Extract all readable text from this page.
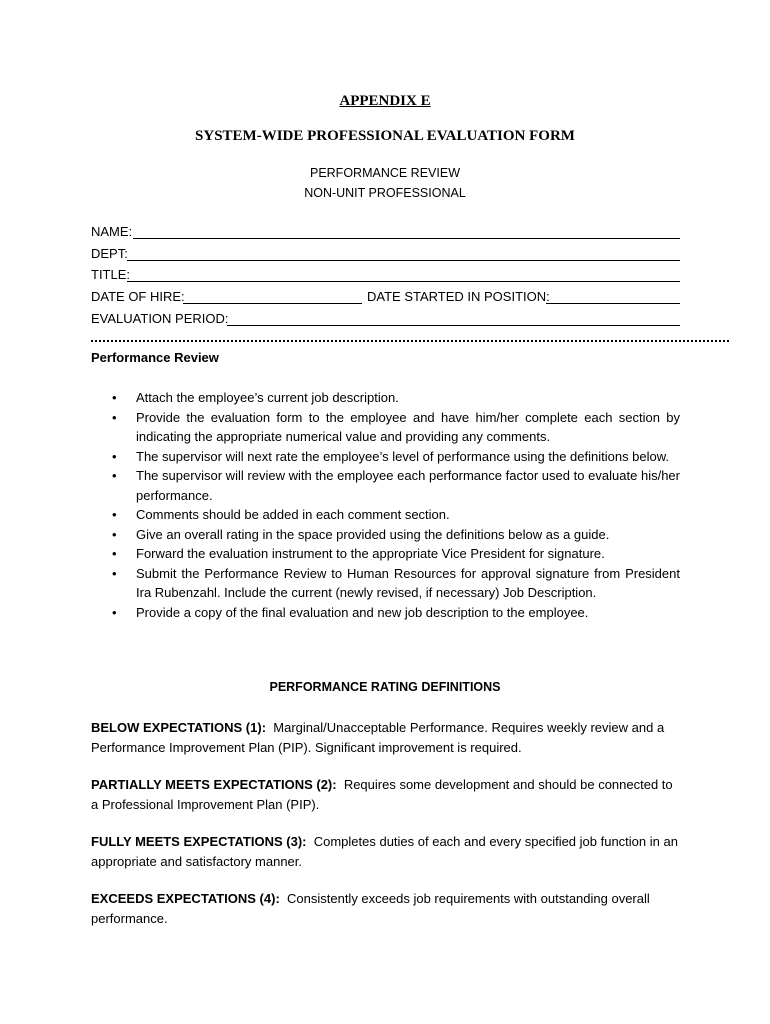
APPENDIX E
SYSTEM-WIDE PROFESSIONAL EVALUATION FORM
PERFORMANCE REVIEW
NON-UNIT PROFESSIONAL
NAME:
DEPT:
TITLE:
DATE OF HIRE:	DATE STARTED IN POSITION:
EVALUATION PERIOD:
Performance Review
• Attach the employee’s current job description.
• Provide the evaluation form to the employee and have him/her complete each section by indicating the appropriate numerical value and providing any comments.
• The supervisor will next rate the employee’s level of performance using the definitions below.
• The supervisor will review with the employee each performance factor used to evaluate his/her performance.
• Comments should be added in each comment section.
• Give an overall rating in the space provided using the definitions below as a guide.
• Forward the evaluation instrument to the appropriate Vice President for signature.
• Submit the Performance Review to Human Resources for approval signature from President Ira Rubenzahl. Include the current (newly revised, if necessary) Job Description.
• Provide a copy of the final evaluation and new job description to the employee.
PERFORMANCE RATING DEFINITIONS
BELOW EXPECTATIONS (1): Marginal/Unacceptable Performance. Requires weekly review and a Performance Improvement Plan (PIP). Significant improvement is required.
PARTIALLY MEETS EXPECTATIONS (2): Requires some development and should be connected to a Professional Improvement Plan (PIP).
FULLY MEETS EXPECTATIONS (3): Completes duties of each and every specified job function in an appropriate and satisfactory manner.
EXCEEDS EXPECTATIONS (4): Consistently exceeds job requirements with outstanding overall performance.
